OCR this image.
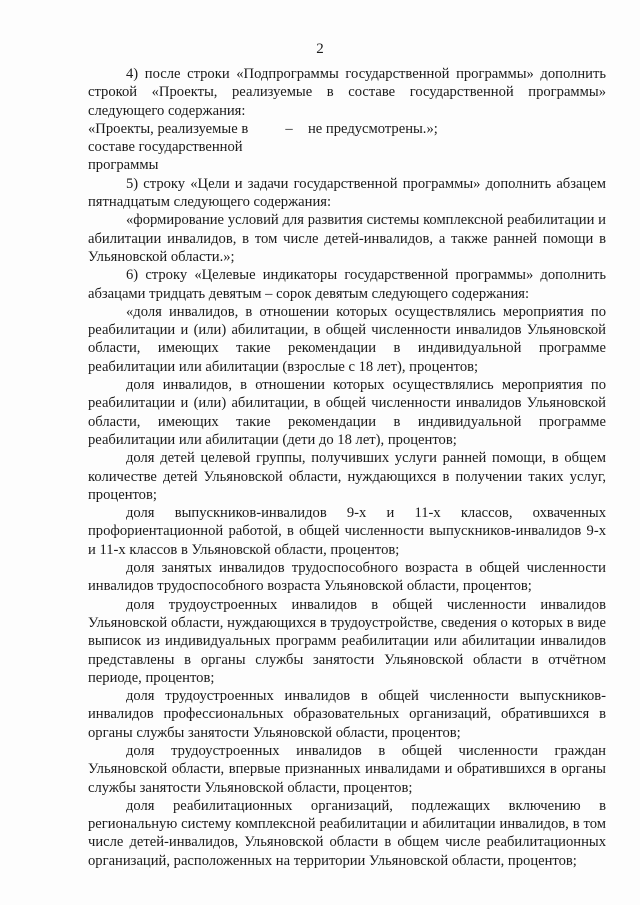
2

4) после строки «Подпрограммы государственной программы» дополнить строкой «Проекты, реализуемые в составе государственной программы» следующего содержания:

«Проекты, реализуемые в составе государственной программы
–	не предусмотрены.»;

5) строку «Цели и задачи государственной программы» дополнить абзацем пятнадцатым следующего содержания:

«формирование условий для развития системы комплексной реабилитации и абилитации инвалидов, в том числе детей-инвалидов, а также ранней помощи в Ульяновской области.»;

6) строку «Целевые индикаторы государственной программы» дополнить абзацами тридцать девятым – сорок девятым следующего содержания:

«доля инвалидов, в отношении которых осуществлялись мероприятия по реабилитации и (или) абилитации, в общей численности инвалидов Ульяновской области, имеющих такие рекомендации в индивидуальной программе реабилитации или абилитации (взрослые с 18 лет), процентов;

доля инвалидов, в отношении которых осуществлялись мероприятия по реабилитации и (или) абилитации, в общей численности инвалидов Ульяновской области, имеющих такие рекомендации в индивидуальной программе реабилитации или абилитации (дети до 18 лет), процентов;

доля детей целевой группы, получивших услуги ранней помощи, в общем количестве детей Ульяновской области, нуждающихся в получении таких услуг, процентов;

доля выпускников-инвалидов 9-х и 11-х классов, охваченных профориентационной работой, в общей численности выпускников-инвалидов 9-х и 11-х классов в Ульяновской области, процентов;

доля занятых инвалидов трудоспособного возраста в общей численности инвалидов трудоспособного возраста Ульяновской области, процентов;

доля трудоустроенных инвалидов в общей численности инвалидов Ульяновской области, нуждающихся в трудоустройстве, сведения о которых в виде выписок из индивидуальных программ реабилитации или абилитации инвалидов представлены в органы службы занятости Ульяновской области в отчётном периоде, процентов;

доля трудоустроенных инвалидов в общей численности выпускников-инвалидов профессиональных образовательных организаций, обратившихся в органы службы занятости Ульяновской области, процентов;

доля трудоустроенных инвалидов в общей численности граждан Ульяновской области, впервые признанных инвалидами и обратившихся в органы службы занятости Ульяновской области, процентов;

доля реабилитационных организаций, подлежащих включению в региональную систему комплексной реабилитации и абилитации инвалидов, в том числе детей-инвалидов, Ульяновской области в общем числе реабилитационных организаций, расположенных на территории Ульяновской области, процентов;
